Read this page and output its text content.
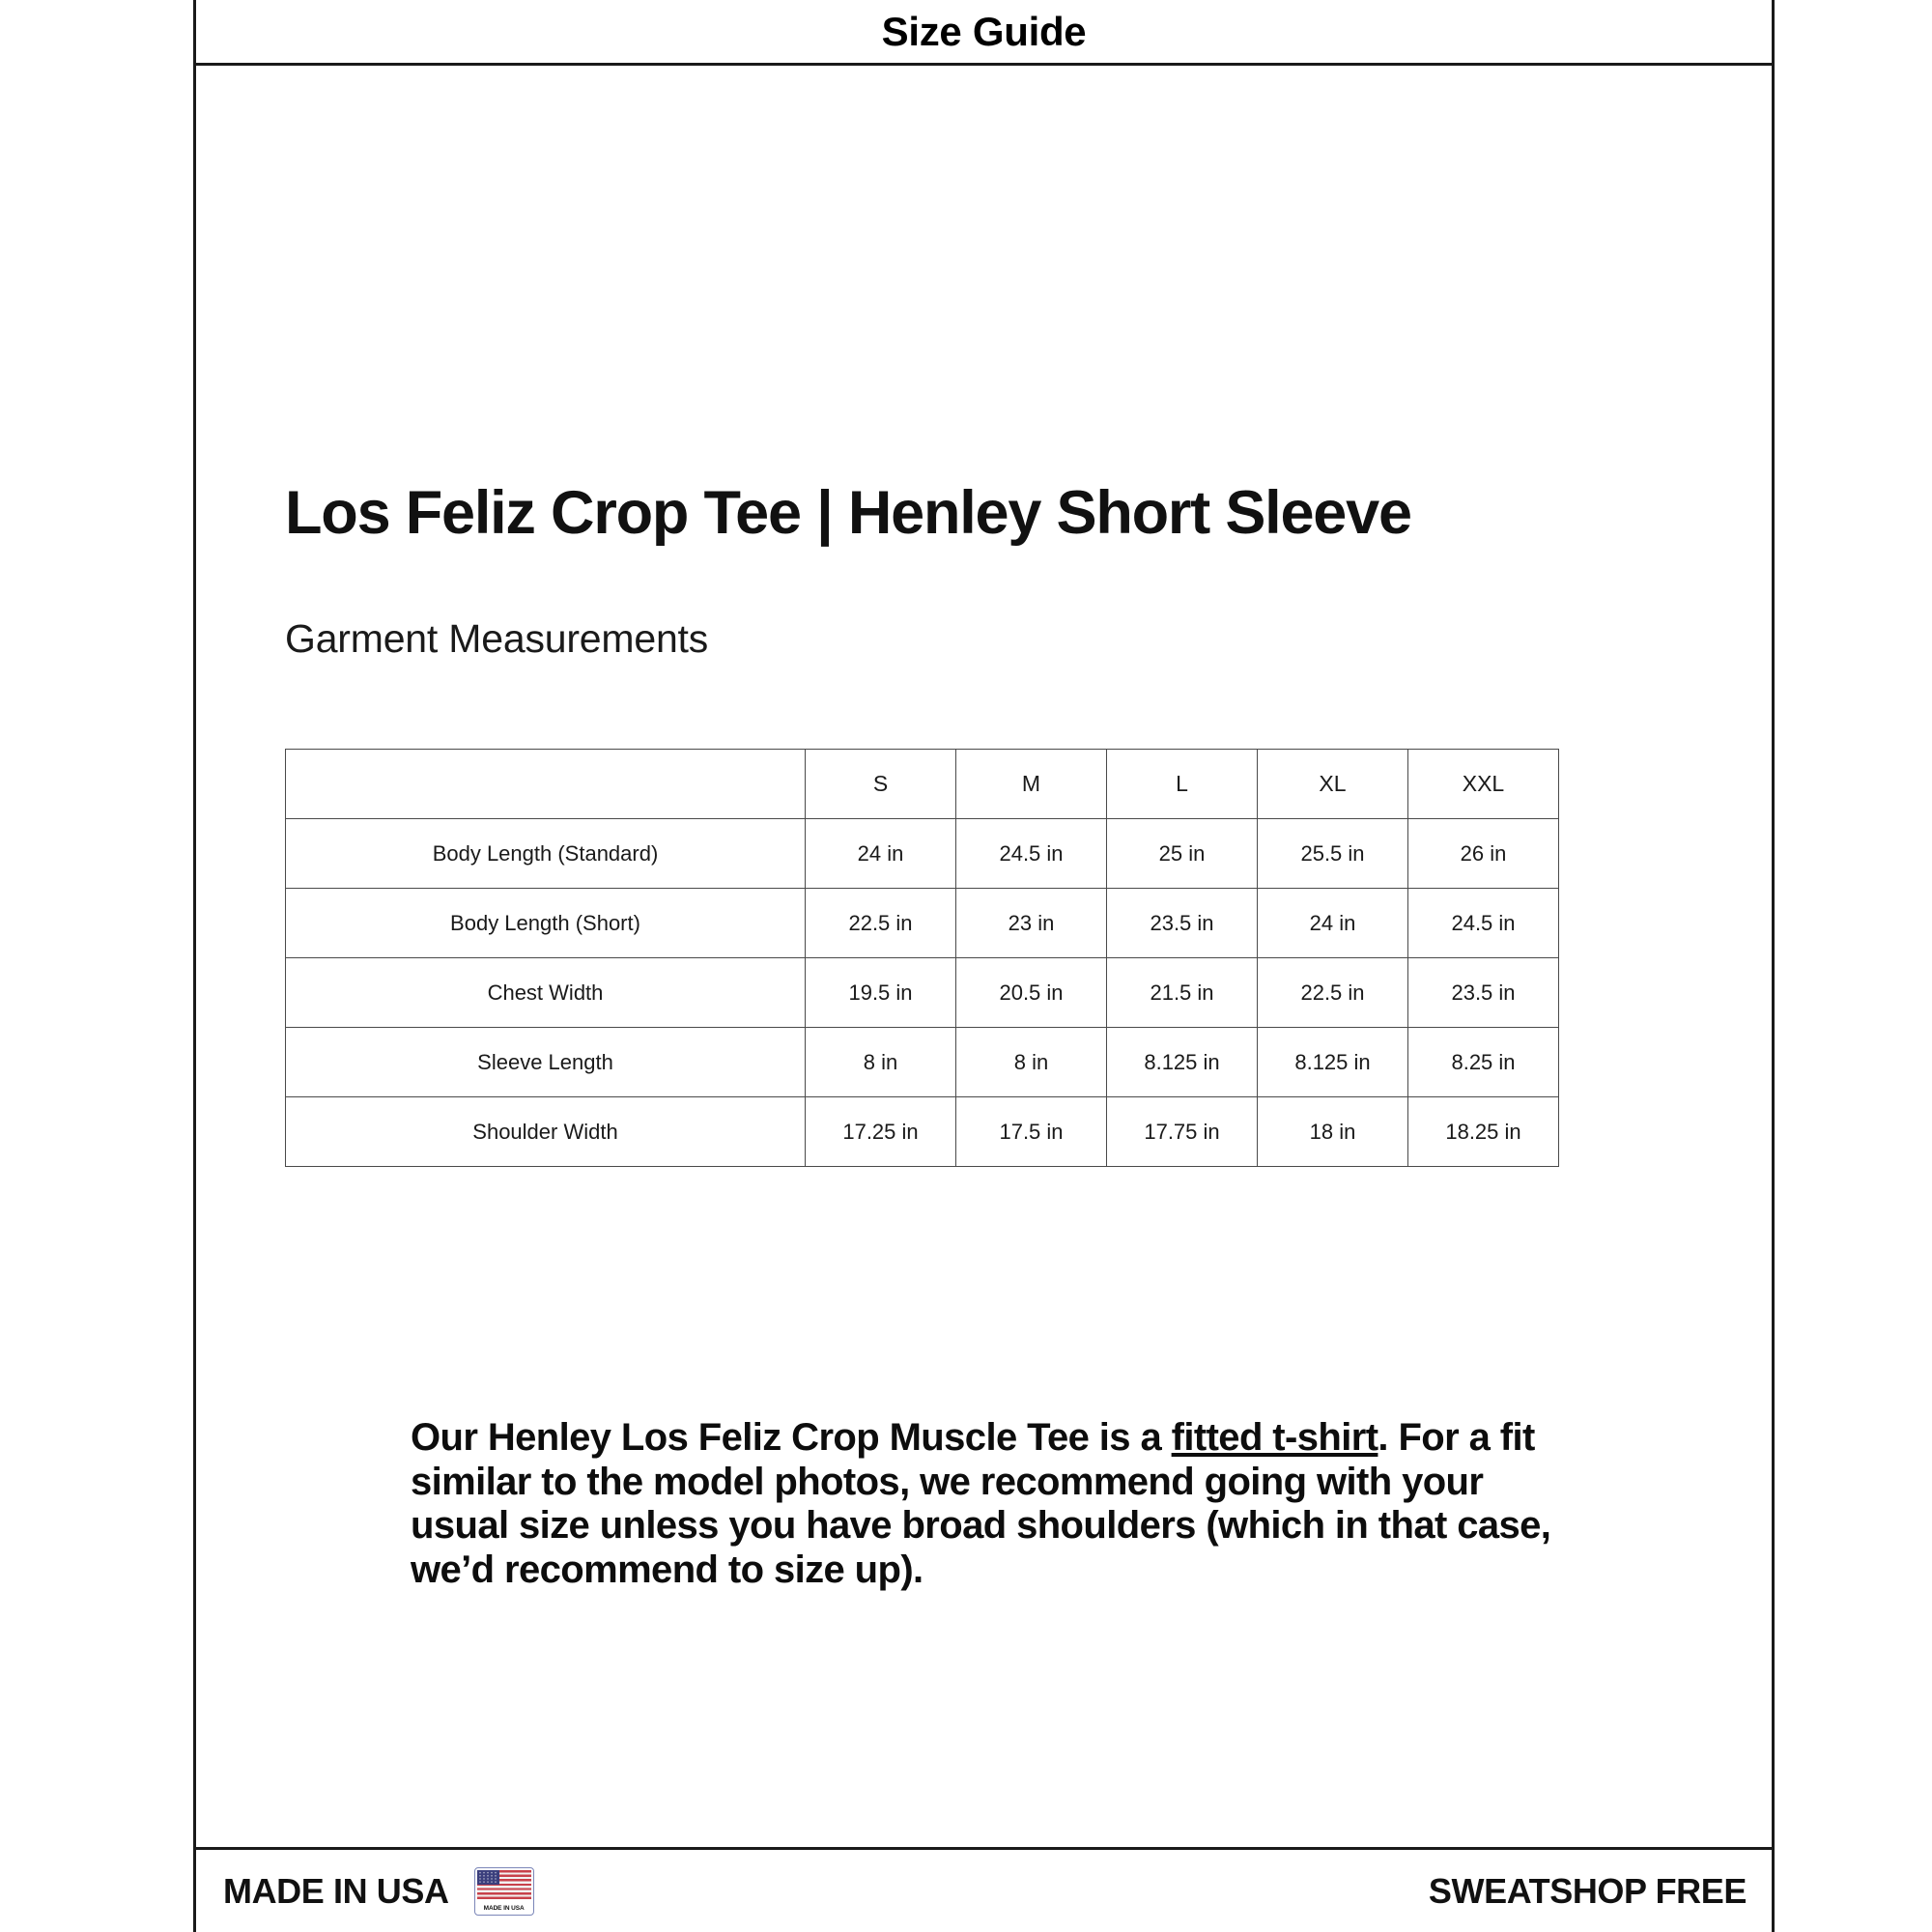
Size Guide
Los Feliz Crop Tee | Henley Short Sleeve
Garment Measurements
	S	M	L	XL	XXL
Body Length (Standard)	24 in	24.5 in	25 in	25.5 in	26 in
Body Length (Short)	22.5 in	23 in	23.5 in	24 in	24.5 in
Chest Width	19.5 in	20.5 in	21.5 in	22.5 in	23.5 in
Sleeve Length	8 in	8 in	8.125 in	8.125 in	8.25 in
Shoulder Width	17.25 in	17.5 in	17.75 in	18 in	18.25 in

Our Henley Los Feliz Crop Muscle Tee is a fitted t-shirt. For a fit similar to the model photos, we recommend going with your usual size unless you have broad shoulders (which in that case, we’d recommend to size up).

MADE IN USA	MADE IN USA	SWEATSHOP FREE
